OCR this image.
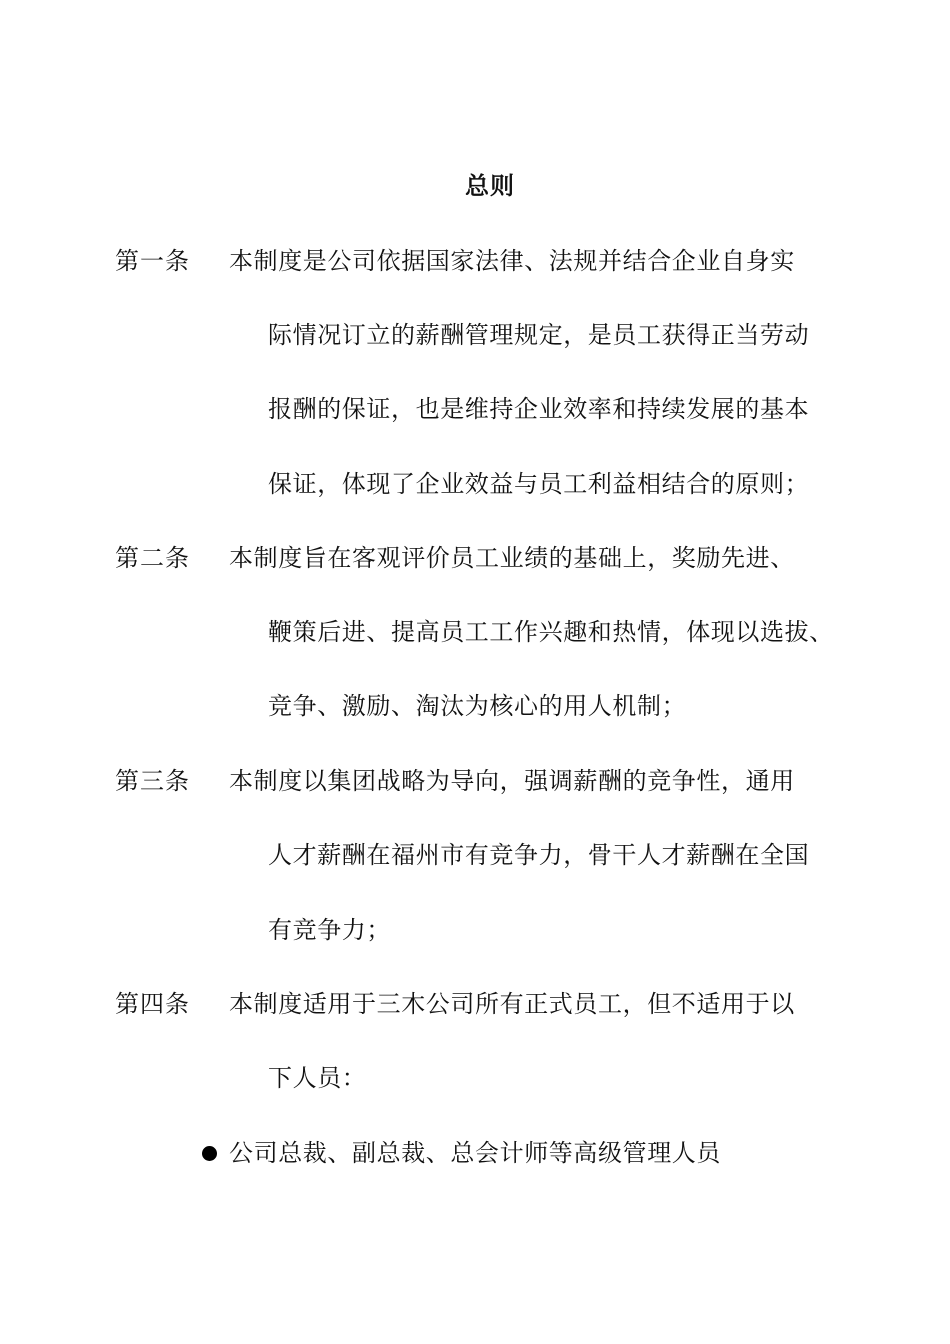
总则
第一条 本制度是公司依据国家法律、法规并结合企业自身实
际情况订立的薪酬管理规定，是员工获得正当劳动
报酬的保证，也是维持企业效率和持续发展的基本
保证，体现了企业效益与员工利益相结合的原则；
第二条 本制度旨在客观评价员工业绩的基础上，奖励先进、
鞭策后进、提高员工工作兴趣和热情，体现以选拔、
竞争、激励、淘汰为核心的用人机制；
第三条 本制度以集团战略为导向，强调薪酬的竞争性，通用
人才薪酬在福州市有竞争力，骨干人才薪酬在全国
有竞争力；
第四条 本制度适用于三木公司所有正式员工，但不适用于以
下人员：
公司总裁、副总裁、总会计师等高级管理人员
